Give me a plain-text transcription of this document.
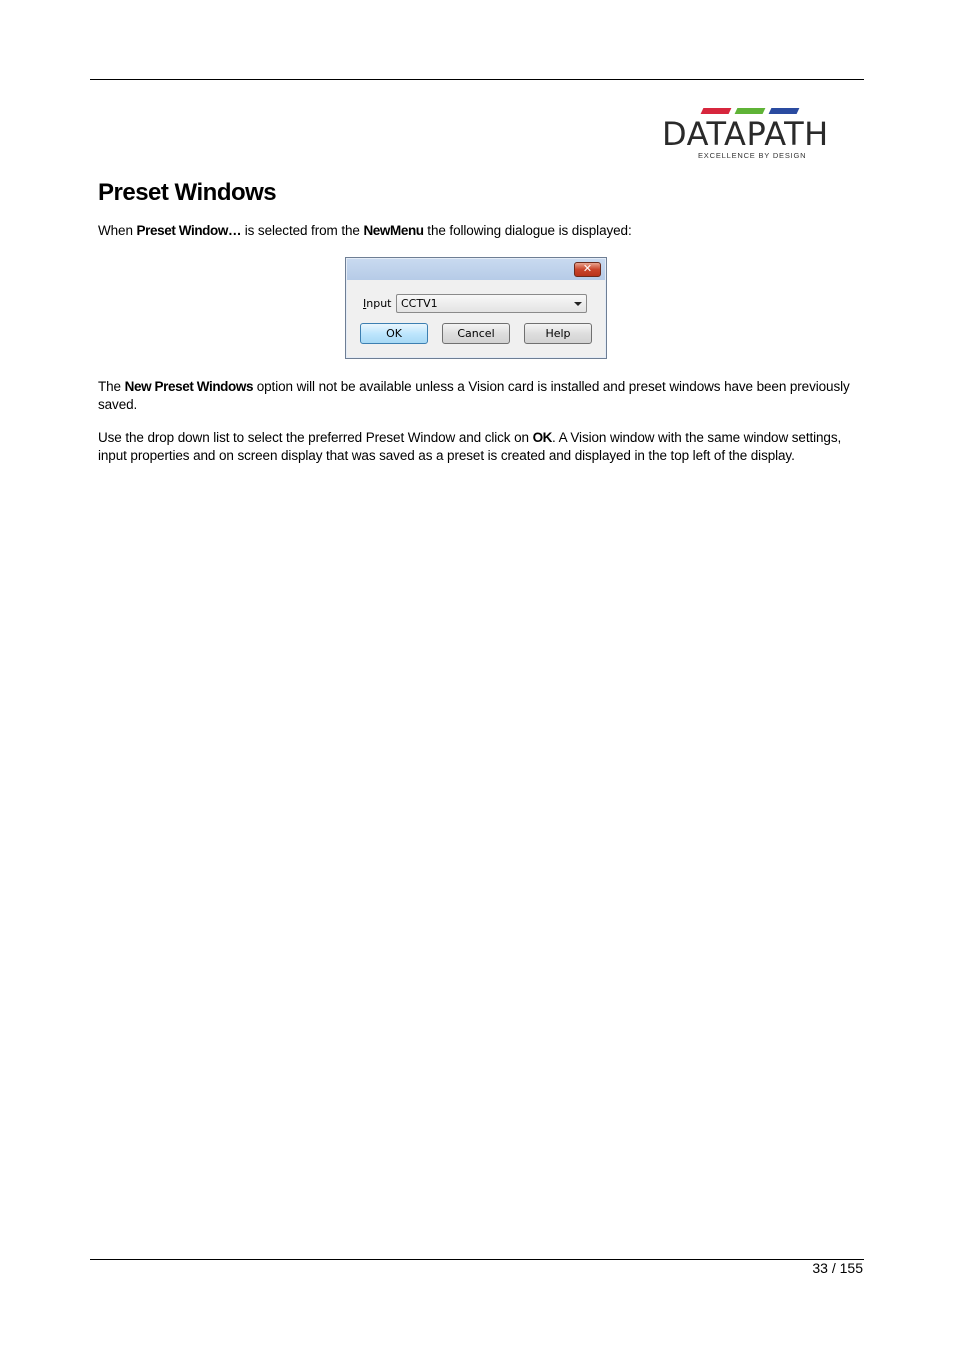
DATAPATH
EXCELLENCE BY DESIGN
Preset Windows

When Preset Window… is selected from the NewMenu the following dialogue is displayed:

✕
Input CCTV1
OK	Cancel	Help

The New Preset Windows option will not be available unless a Vision card is installed and preset windows have been previously saved.

Use the drop down list to select the preferred Preset Window and click on OK. A Vision window with the same window settings, input properties and on screen display that was saved as a preset is created and displayed in the top left of the display.

33 / 155
